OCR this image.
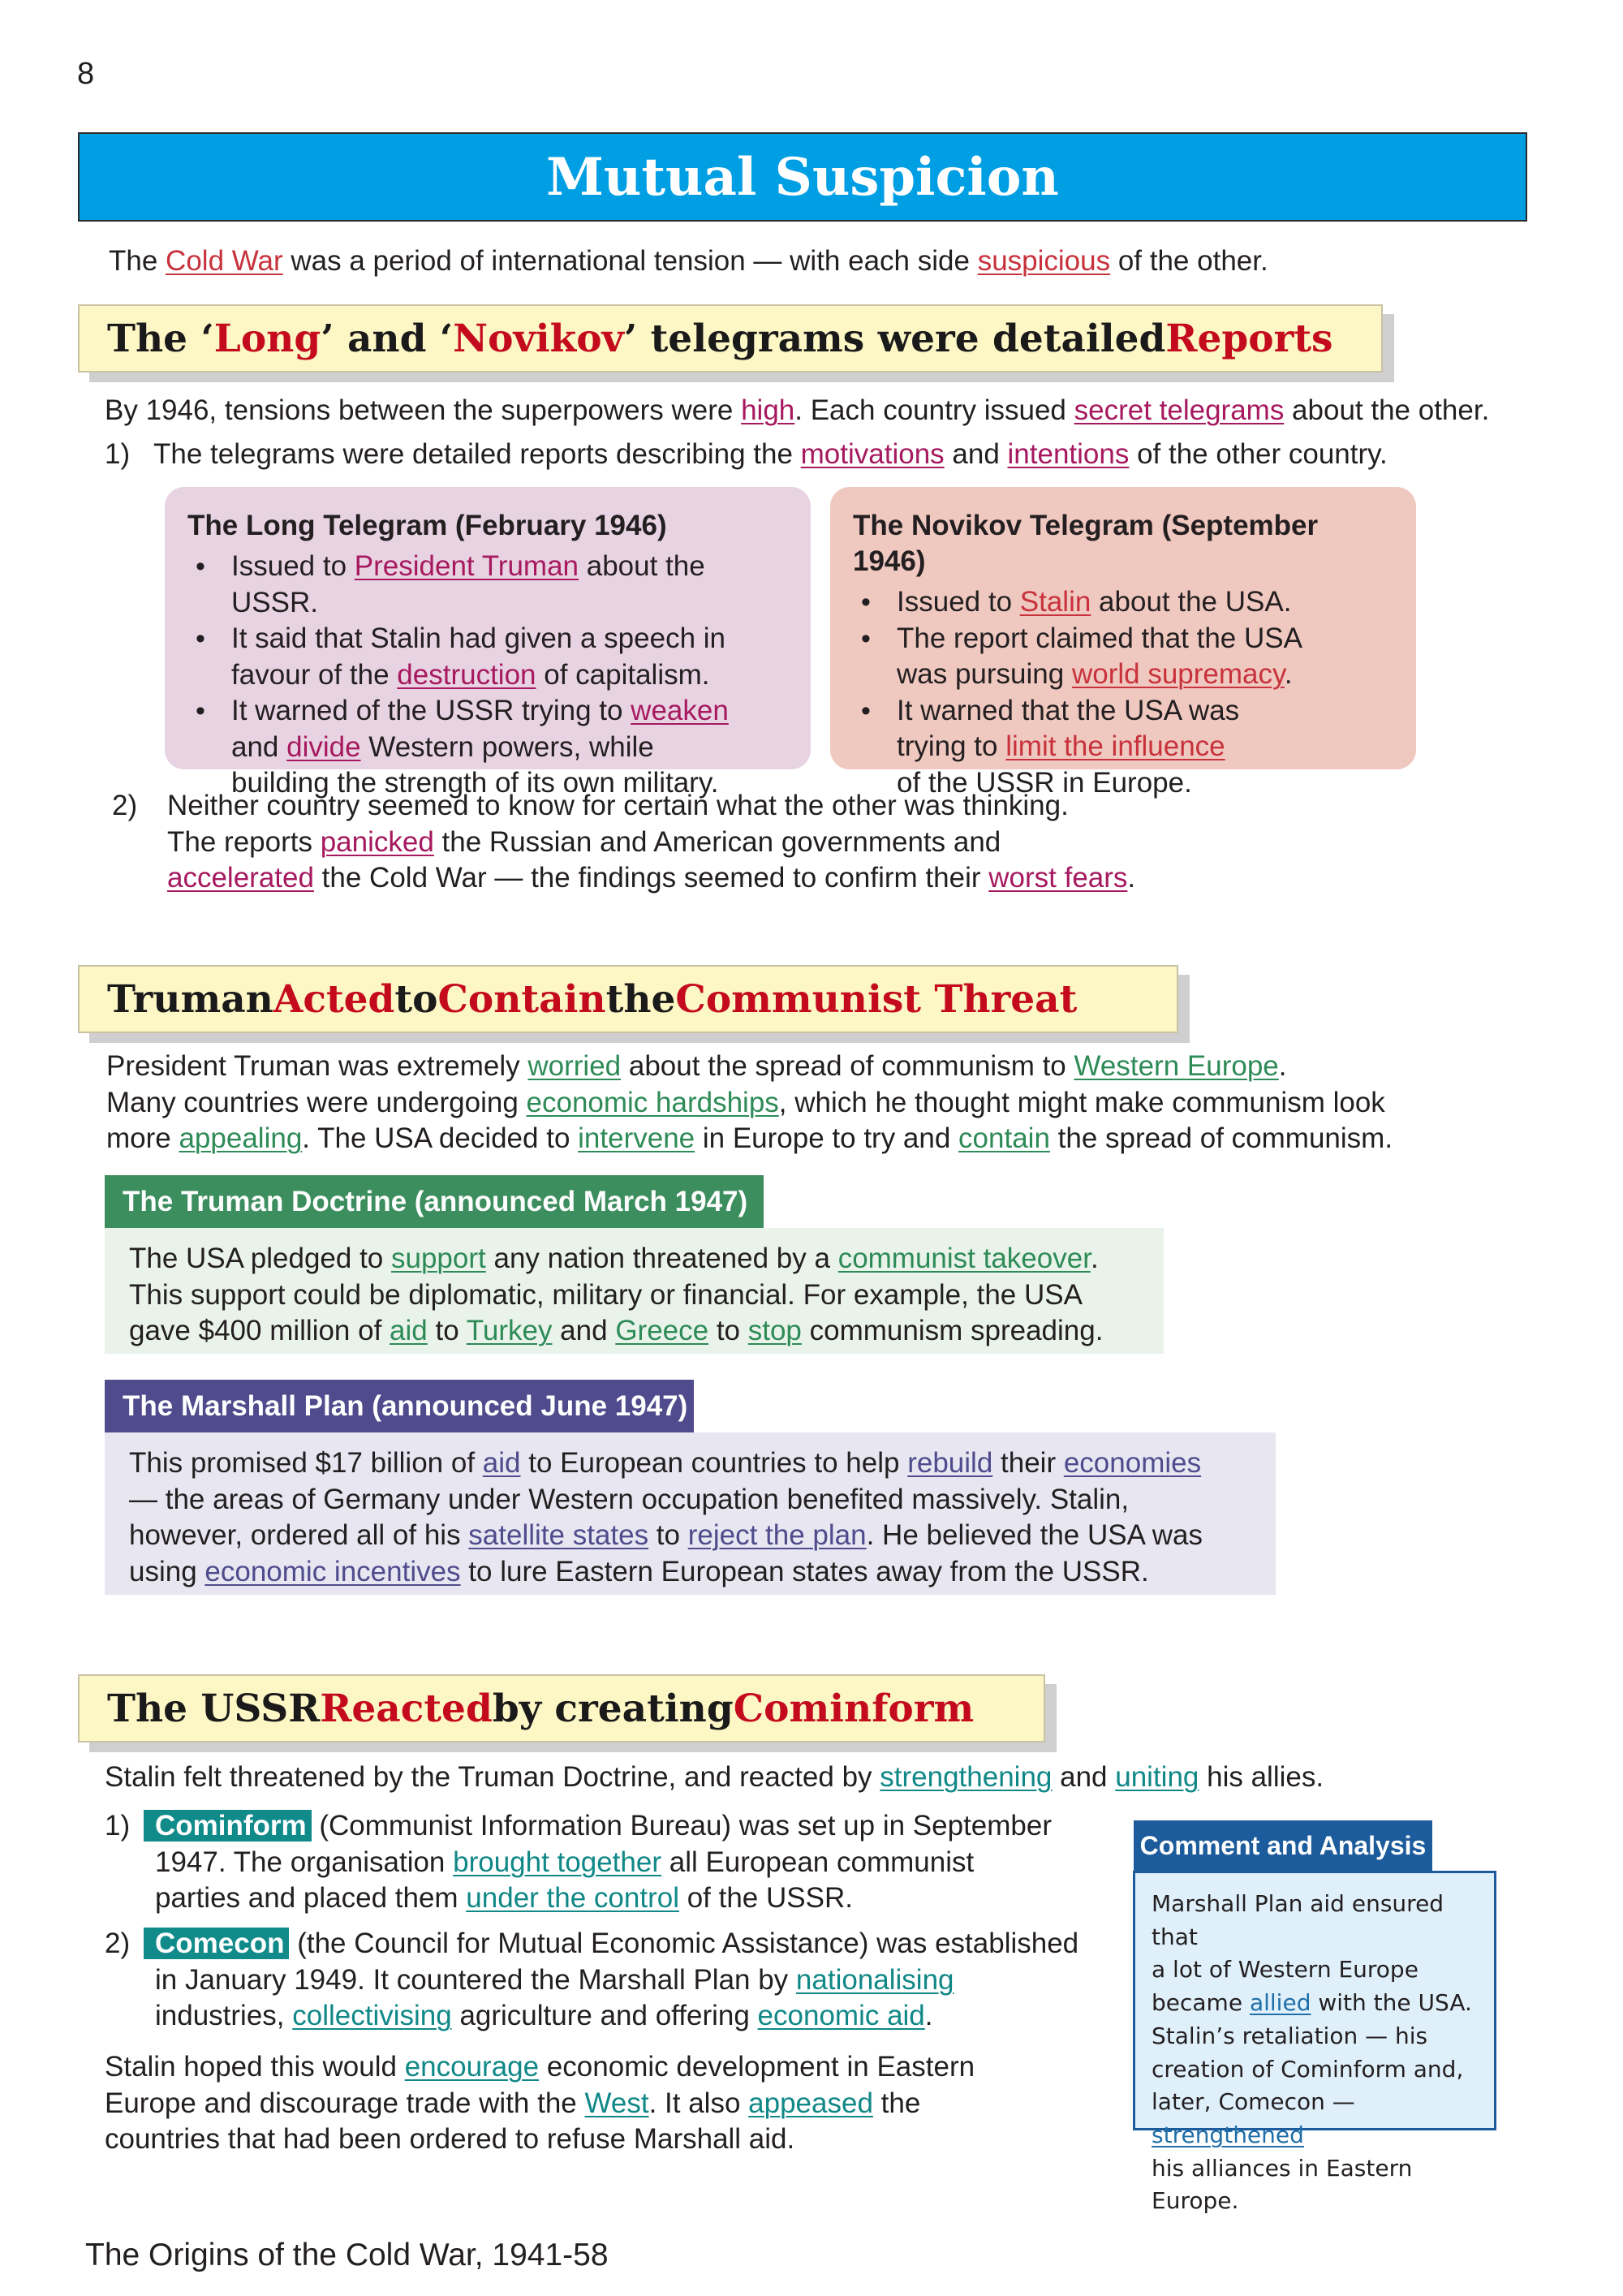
8
Mutual Suspicion
The Cold War was a period of international tension — with each side suspicious of the other.
The ‘ Long ’ and ‘ Novikov ’ telegrams were detailed Reports
By 1946, tensions between the superpowers were high. Each country issued secret telegrams about the other.
1) The telegrams were detailed reports describing the motivations and intentions of the other country.
The Long Telegram (February 1946)
• Issued to President Truman about the USSR.
• It said that Stalin had given a speech in
favour of the destruction of capitalism.
• It warned of the USSR trying to weaken
and divide Western powers, while
building the strength of its own military.
The Novikov Telegram (September 1946)
• Issued to Stalin about the USA.
• The report claimed that the USA
was pursuing world supremacy.
• It warned that the USA was
trying to limit the influence
of the USSR in Europe.
2) Neither country seemed to know for certain what the other was thinking.
The reports panicked the Russian and American governments and
accelerated the Cold War — the findings seemed to confirm their worst fears.
Truman Acted to Contain the Communist Threat
President Truman was extremely worried about the spread of communism to Western Europe.
Many countries were undergoing economic hardships, which he thought might make communism look
more appealing. The USA decided to intervene in Europe to try and contain the spread of communism.
The Truman Doctrine (announced March 1947)
The USA pledged to support any nation threatened by a communist takeover.
This support could be diplomatic, military or financial. For example, the USA
gave $400 million of aid to Turkey and Greece to stop communism spreading.
The Marshall Plan (announced June 1947)
This promised $17 billion of aid to European countries to help rebuild their economies
— the areas of Germany under Western occupation benefited massively. Stalin,
however, ordered all of his satellite states to reject the plan. He believed the USA was
using economic incentives to lure Eastern European states away from the USSR.
The USSR Reacted by creating Cominform
Stalin felt threatened by the Truman Doctrine, and reacted by strengthening and uniting his allies.
1) Cominform (Communist Information Bureau) was set up in September
1947. The organisation brought together all European communist
parties and placed them under the control of the USSR.
2) Comecon (the Council for Mutual Economic Assistance) was established
in January 1949. It countered the Marshall Plan by nationalising
industries, collectivising agriculture and offering economic aid.
Stalin hoped this would encourage economic development in Eastern
Europe and discourage trade with the West. It also appeased the
countries that had been ordered to refuse Marshall aid.
Comment and Analysis
Marshall Plan aid ensured that
a lot of Western Europe
became allied with the USA.
Stalin’s retaliation — his
creation of Cominform and,
later, Comecon — strengthened
his alliances in Eastern Europe.
The Origins of the Cold War, 1941-58
